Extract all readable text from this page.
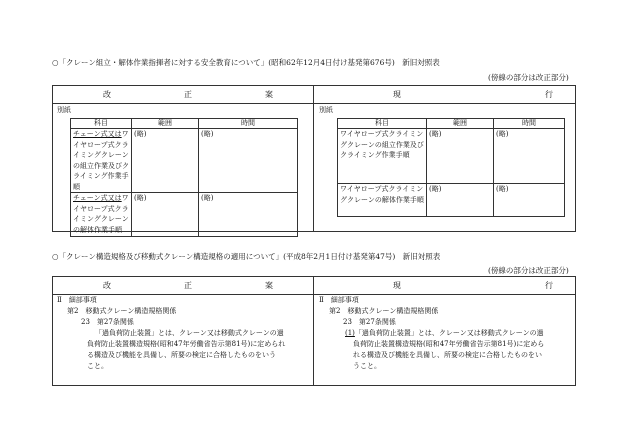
○「クレーン組立・解体作業指揮者に対する安全教育について」(昭和62年12月4日付け基発第676号)　新旧対照表
(傍線の部分は改正部分)
改	正	案	現	行
別紙	別紙
科目	範囲	時間
チェーン式又はワイヤロープ式クライミングクレーンの組立作業及びクライミング作業手順	(略)	(略)
チェーン式又はワイヤロープ式クライミングクレーンの解体作業手順	(略)	(略)
科目	範囲	時間
ワイヤロープ式クライミングクレーンの組立作業及びクライミング作業手順	(略)	(略)
ワイヤロープ式クライミングクレーンの解体作業手順	(略)	(略)
○「クレーン構造規格及び移動式クレーン構造規格の適用について」(平成8年2月1日付け基発第47号)　新旧対照表
(傍線の部分は改正部分)
改	正	案	現	行
Ⅱ　細部事項
第2　移動式クレーン構造規格関係
23　第27条関係
「過負荷防止装置」とは、クレーン又は移動式クレーンの過
負荷防止装置構造規格(昭和47年労働省告示第81号)に定められ
る構造及び機能を具備し、所要の検定に合格したものをいう
こと。
Ⅱ　細部事項
第2　移動式クレーン構造規格関係
23　第27条関係
(1)「過負荷防止装置」とは、クレーン又は移動式クレーンの過
負荷防止装置構造規格(昭和47年労働省告示第81号)に定めら
れる構造及び機能を具備し、所要の検定に合格したものをい
うこと。
